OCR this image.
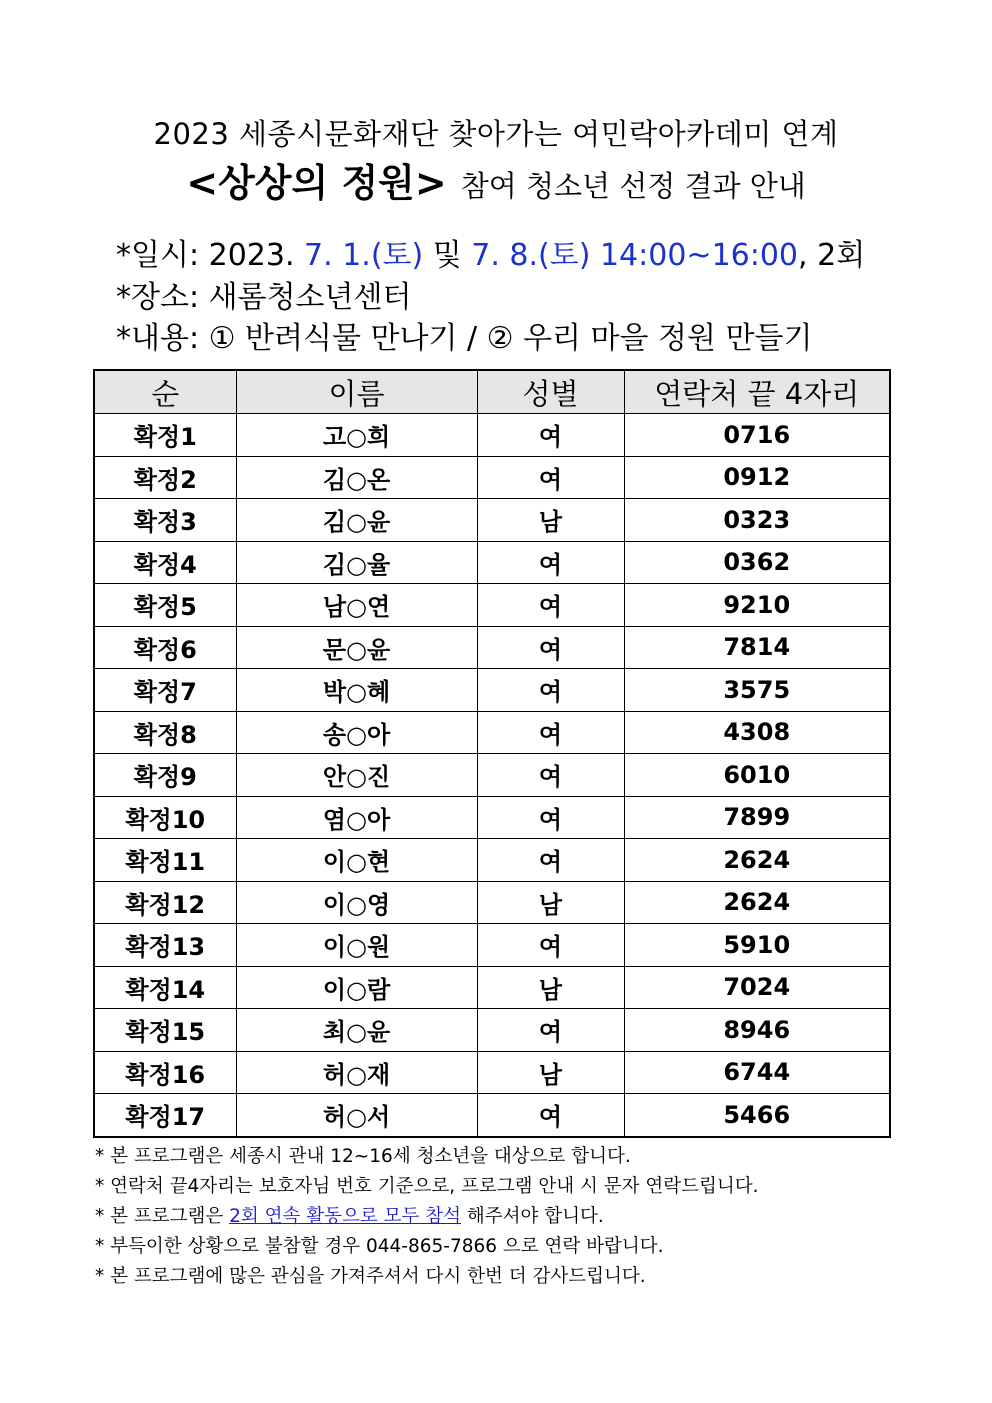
2023 세종시문화재단 찾아가는 여민락아카데미 연계
<상상의 정원> 참여 청소년 선정 결과 안내
*일시: 2023. 7. 1.(토) 및 7. 8.(토) 14:00~16:00, 2회
*장소: 새롬청소년센터
*내용: ① 반려식물 만나기 / ② 우리 마을 정원 만들기
순	이름	성별	연락처 끝 4자리
확정1	고○희	여	0716
확정2	김○온	여	0912
확정3	김○윤	남	0323
확정4	김○율	여	0362
확정5	남○연	여	9210
확정6	문○윤	여	7814
확정7	박○혜	여	3575
확정8	송○아	여	4308
확정9	안○진	여	6010
확정10	염○아	여	7899
확정11	이○현	여	2624
확정12	이○영	남	2624
확정13	이○원	여	5910
확정14	이○람	남	7024
확정15	최○윤	여	8946
확정16	허○재	남	6744
확정17	허○서	여	5466
* 본 프로그램은 세종시 관내 12~16세 청소년을 대상으로 합니다.
* 연락처 끝4자리는 보호자님 번호 기준으로, 프로그램 안내 시 문자 연락드립니다.
* 본 프로그램은 2회 연속 활동으로 모두 참석 해주셔야 합니다.
* 부득이한 상황으로 불참할 경우 044-865-7866 으로 연락 바랍니다.
* 본 프로그램에 많은 관심을 가져주셔서 다시 한번 더 감사드립니다.
